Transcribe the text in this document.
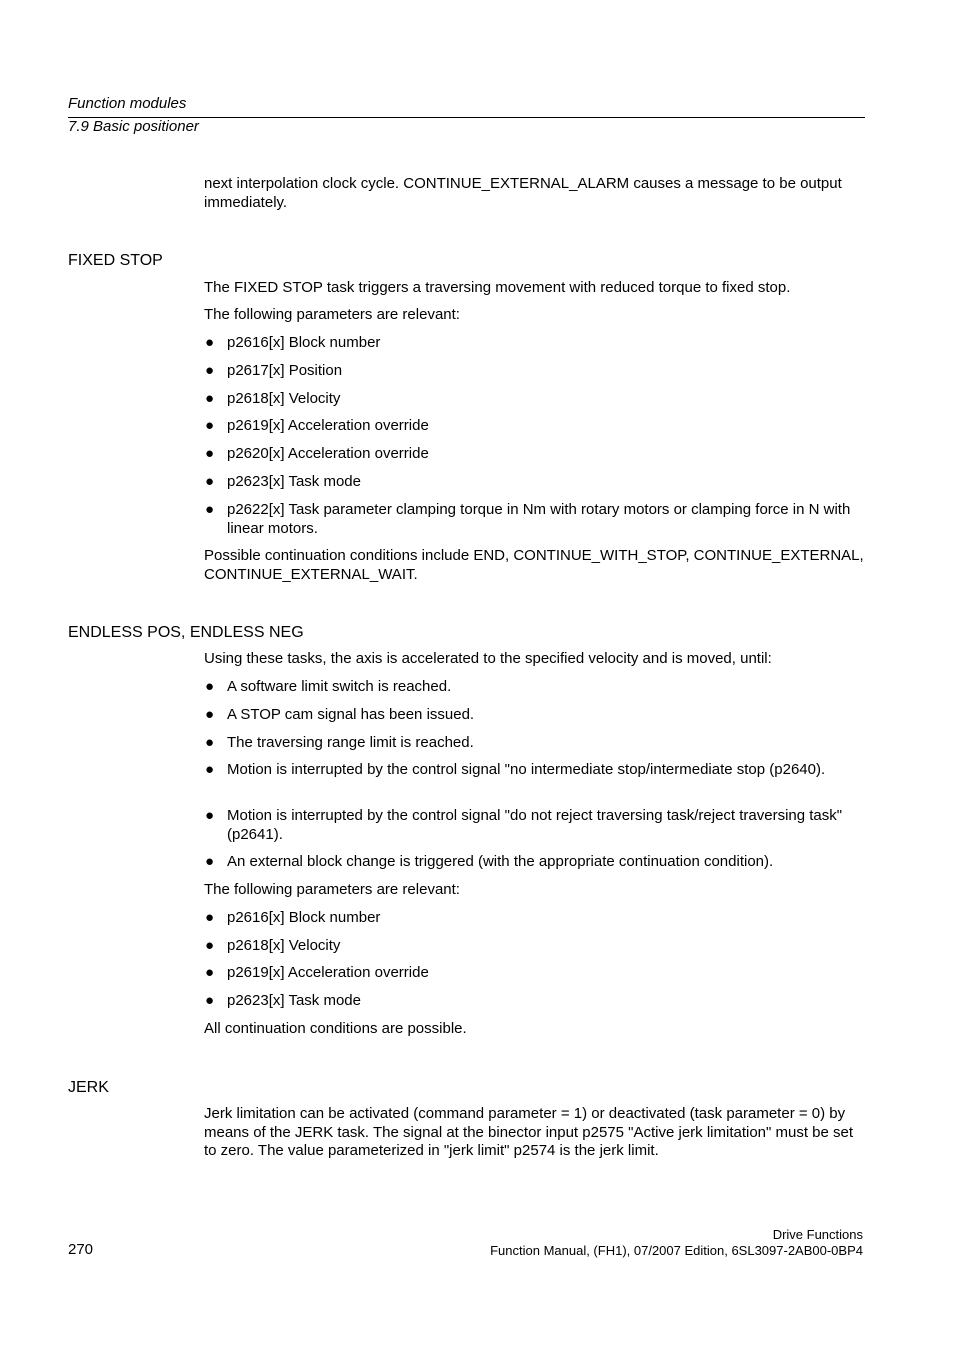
Function modules
7.9 Basic positioner
next interpolation clock cycle. CONTINUE_EXTERNAL_ALARM causes a message to be output immediately.
FIXED STOP
The FIXED STOP task triggers a traversing movement with reduced torque to fixed stop.
The following parameters are relevant:
● p2616[x] Block number
● p2617[x] Position
● p2618[x] Velocity
● p2619[x] Acceleration override
● p2620[x] Acceleration override
● p2623[x] Task mode
● p2622[x] Task parameter clamping torque in Nm with rotary motors or clamping force in N with linear motors.
Possible continuation conditions include END, CONTINUE_WITH_STOP, CONTINUE_EXTERNAL, CONTINUE_EXTERNAL_WAIT.
ENDLESS POS, ENDLESS NEG
Using these tasks, the axis is accelerated to the specified velocity and is moved, until:
● A software limit switch is reached.
● A STOP cam signal has been issued.
● The traversing range limit is reached.
● Motion is interrupted by the control signal "no intermediate stop/intermediate stop (p2640).
● Motion is interrupted by the control signal "do not reject traversing task/reject traversing task" (p2641).
● An external block change is triggered (with the appropriate continuation condition).
The following parameters are relevant:
● p2616[x] Block number
● p2618[x] Velocity
● p2619[x] Acceleration override
● p2623[x] Task mode
All continuation conditions are possible.
JERK
Jerk limitation can be activated (command parameter = 1) or deactivated (task parameter = 0) by means of the JERK task. The signal at the binector input p2575 "Active jerk limitation" must be set to zero. The value parameterized in "jerk limit" p2574 is the jerk limit.
270
Drive Functions
Function Manual, (FH1), 07/2007 Edition, 6SL3097-2AB00-0BP4
